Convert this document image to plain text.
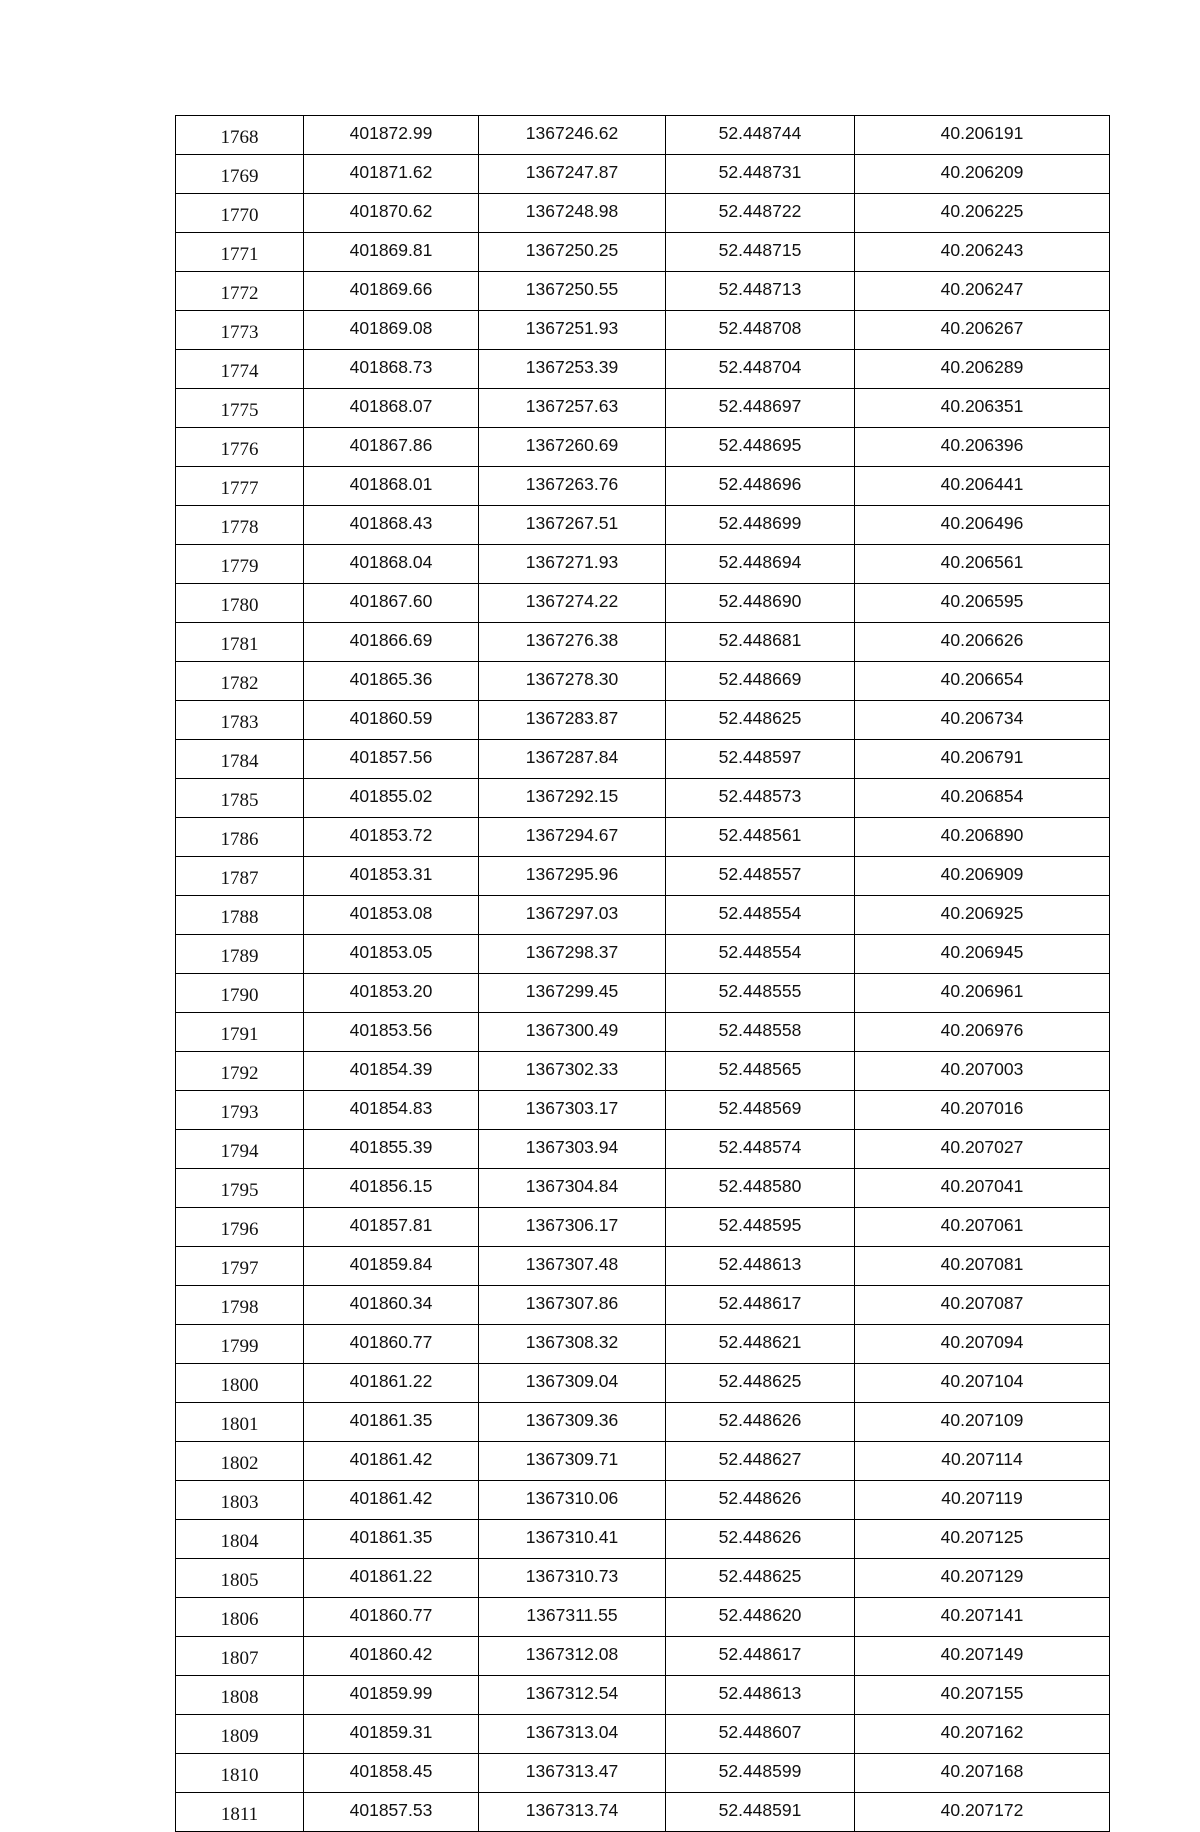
1768	401872.99	1367246.62	52.448744	40.206191
1769	401871.62	1367247.87	52.448731	40.206209
1770	401870.62	1367248.98	52.448722	40.206225
1771	401869.81	1367250.25	52.448715	40.206243
1772	401869.66	1367250.55	52.448713	40.206247
1773	401869.08	1367251.93	52.448708	40.206267
1774	401868.73	1367253.39	52.448704	40.206289
1775	401868.07	1367257.63	52.448697	40.206351
1776	401867.86	1367260.69	52.448695	40.206396
1777	401868.01	1367263.76	52.448696	40.206441
1778	401868.43	1367267.51	52.448699	40.206496
1779	401868.04	1367271.93	52.448694	40.206561
1780	401867.60	1367274.22	52.448690	40.206595
1781	401866.69	1367276.38	52.448681	40.206626
1782	401865.36	1367278.30	52.448669	40.206654
1783	401860.59	1367283.87	52.448625	40.206734
1784	401857.56	1367287.84	52.448597	40.206791
1785	401855.02	1367292.15	52.448573	40.206854
1786	401853.72	1367294.67	52.448561	40.206890
1787	401853.31	1367295.96	52.448557	40.206909
1788	401853.08	1367297.03	52.448554	40.206925
1789	401853.05	1367298.37	52.448554	40.206945
1790	401853.20	1367299.45	52.448555	40.206961
1791	401853.56	1367300.49	52.448558	40.206976
1792	401854.39	1367302.33	52.448565	40.207003
1793	401854.83	1367303.17	52.448569	40.207016
1794	401855.39	1367303.94	52.448574	40.207027
1795	401856.15	1367304.84	52.448580	40.207041
1796	401857.81	1367306.17	52.448595	40.207061
1797	401859.84	1367307.48	52.448613	40.207081
1798	401860.34	1367307.86	52.448617	40.207087
1799	401860.77	1367308.32	52.448621	40.207094
1800	401861.22	1367309.04	52.448625	40.207104
1801	401861.35	1367309.36	52.448626	40.207109
1802	401861.42	1367309.71	52.448627	40.207114
1803	401861.42	1367310.06	52.448626	40.207119
1804	401861.35	1367310.41	52.448626	40.207125
1805	401861.22	1367310.73	52.448625	40.207129
1806	401860.77	1367311.55	52.448620	40.207141
1807	401860.42	1367312.08	52.448617	40.207149
1808	401859.99	1367312.54	52.448613	40.207155
1809	401859.31	1367313.04	52.448607	40.207162
1810	401858.45	1367313.47	52.448599	40.207168
1811	401857.53	1367313.74	52.448591	40.207172
